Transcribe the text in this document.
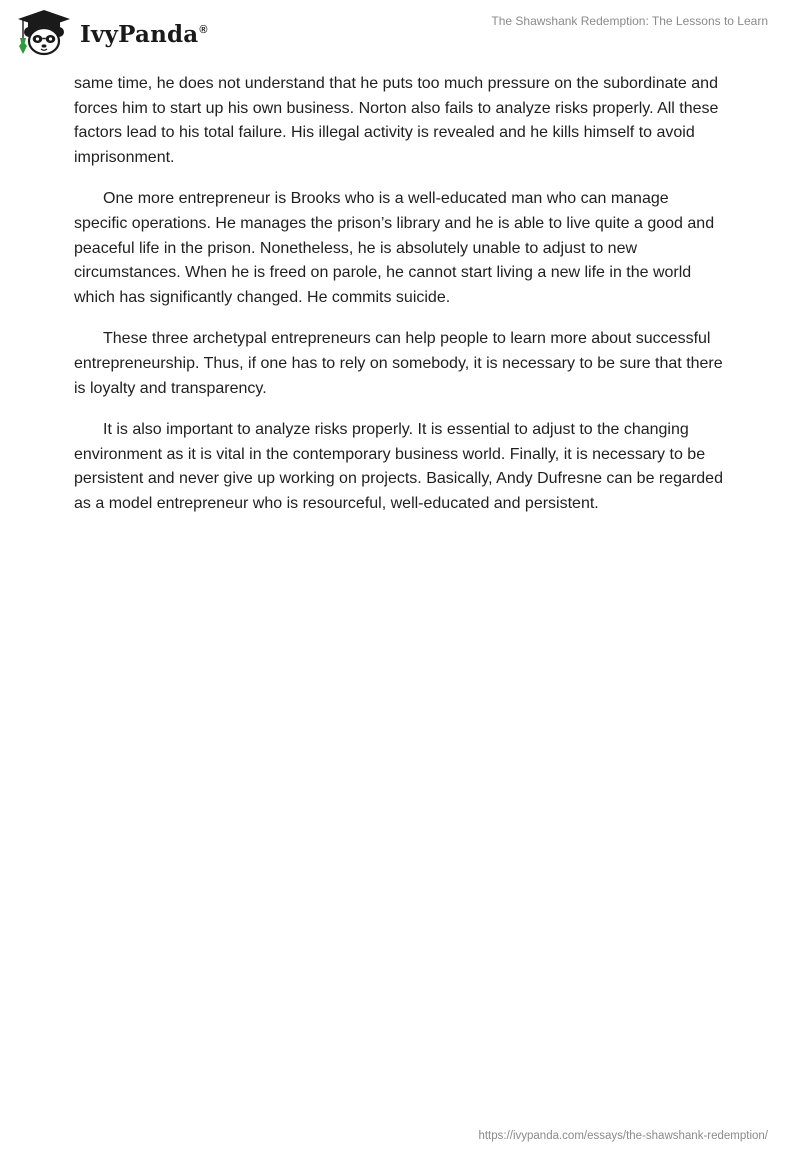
IvyPanda®
The Shawshank Redemption: The Lessons to Learn

same time, he does not understand that he puts too much pressure on the subordinate and forces him to start up his own business. Norton also fails to analyze risks properly. All these factors lead to his total failure. His illegal activity is revealed and he kills himself to avoid imprisonment.

One more entrepreneur is Brooks who is a well-educated man who can manage specific operations. He manages the prison’s library and he is able to live quite a good and peaceful life in the prison. Nonetheless, he is absolutely unable to adjust to new circumstances. When he is freed on parole, he cannot start living a new life in the world which has significantly changed. He commits suicide.

These three archetypal entrepreneurs can help people to learn more about successful entrepreneurship. Thus, if one has to rely on somebody, it is necessary to be sure that there is loyalty and transparency.

It is also important to analyze risks properly. It is essential to adjust to the changing environment as it is vital in the contemporary business world. Finally, it is necessary to be persistent and never give up working on projects. Basically, Andy Dufresne can be regarded as a model entrepreneur who is resourceful, well-educated and persistent.

https://ivypanda.com/essays/the-shawshank-redemption/
